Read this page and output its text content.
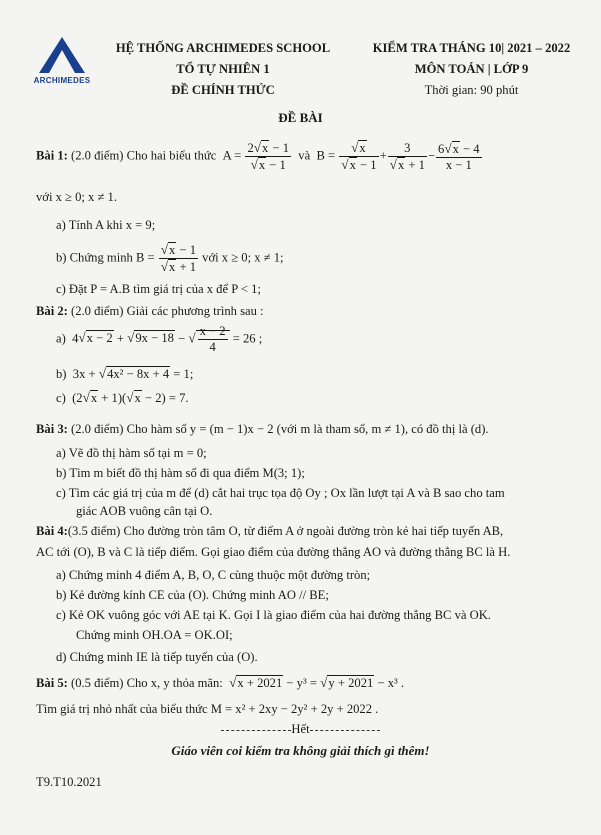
ARCHIMEDES
HỆ THỐNG ARCHIMEDES SCHOOL
TỔ TỰ NHIÊN 1
ĐỀ CHÍNH THỨC
KIỂM TRA THÁNG 10| 2021 – 2022
MÔN TOÁN | LỚP 9
Thời gian: 90 phút
ĐỀ BÀI
Bài 1: (2.0 điểm) Cho hai biểu thức  $A = \frac{2√x - 1}{√x - 1}$ và  $B = \frac{√x}{√x - 1} + \frac{3}{√x + 1} - \frac{6√x - 4}{x - 1}$
với x ≥ 0; x ≠ 1.
a) Tính A khi x = 9;
b) Chứng minh $B = \frac{√x - 1}{√x + 1}$ với x ≥ 0; x ≠ 1;
c) Đặt P = A.B tìm giá trị của x để P < 1;
Bài 2: (2.0 điểm) Giải các phương trình sau :
a)  4√x − 2 + √9x − 18 − √ $\frac{x - 2}{4} = 26$ ;
b)  3x + √4x² − 8x + 4 = 1;
c)  (2√x + 1)(√x − 2) = 7.
Bài 3: (2.0 điểm) Cho hàm số y = (m − 1)x − 2 (với m là tham số, m ≠ 1), có đồ thị là (d).
a) Vẽ đồ thị hàm số tại m = 0;
b) Tìm m biết đồ thị hàm số đi qua điểm M(3; 1);
c) Tìm các giá trị của m để (d) cắt hai trục tọa độ Oy ; Ox lần lượt tại A và B sao cho tam
giác AOB vuông cân tại O.
Bài 4:(3.5 điểm) Cho đường tròn tâm O, từ điểm A ở ngoài đường tròn kẻ hai tiếp tuyến AB,
AC tới (O), B và C là tiếp điểm. Gọi giao điểm của đường thẳng AO và đường thẳng BC là H.
a) Chứng minh 4 điểm A, B, O, C cùng thuộc một đường tròn;
b) Kẻ đường kính CE của (O). Chứng minh AO // BE;
c) Kẻ OK vuông góc với AE tại K. Gọi I là giao điểm của hai đường thẳng BC và OK.
Chứng minh OH.OA = OK.OI;
d) Chứng minh IE là tiếp tuyến của (O).
Bài 5: (0.5 điểm) Cho x, y thỏa mãn: √x + 2021 − y³ = √y + 2021 − x³ .
Tìm giá trị nhỏ nhất của biểu thức M = x² + 2xy − 2y² + 2y + 2022 .
Hết
Giáo viên coi kiểm tra không giải thích gì thêm!
T9.T10.2021
